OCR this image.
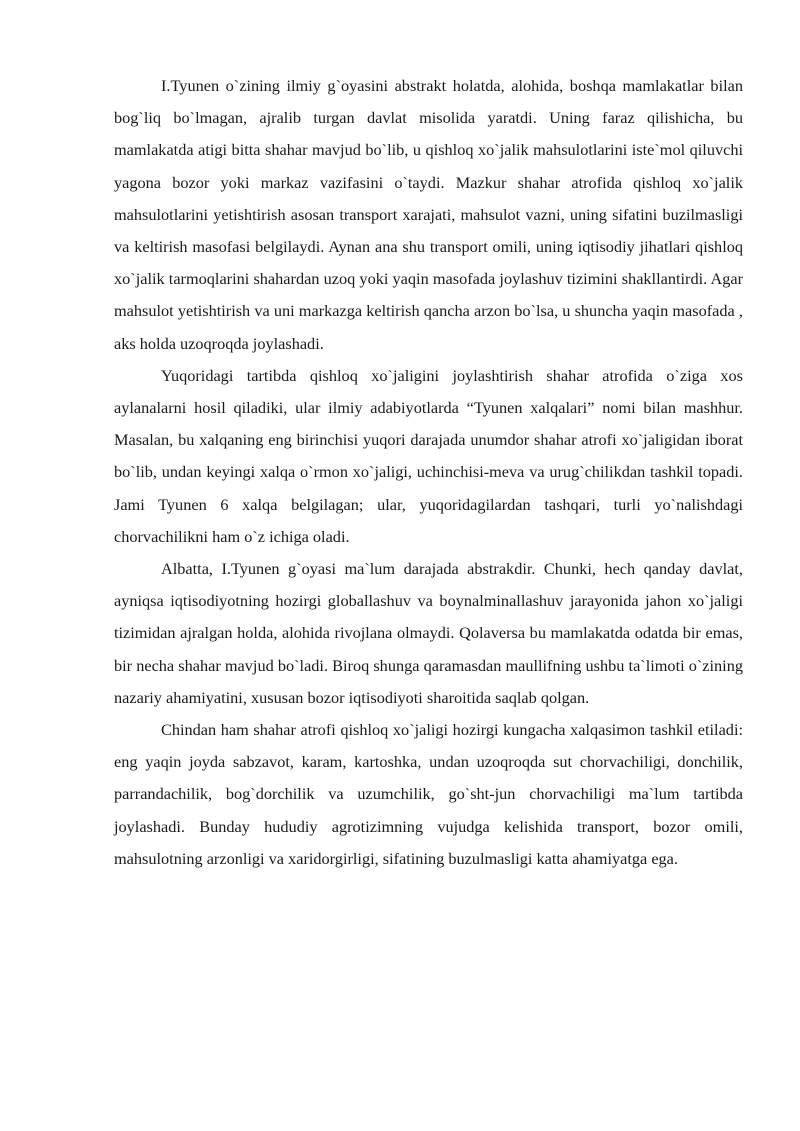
I.Tyunen o`zining ilmiy g`oyasini abstrakt holatda, alohida, boshqa mamlakatlar bilan bog`liq bo`lmagan, ajralib turgan davlat misolida yaratdi. Uning faraz qilishicha, bu mamlakatda atigi bitta shahar mavjud bo`lib, u qishloq xo`jalik mahsulotlarini iste`mol qiluvchi yagona bozor yoki markaz vazifasini o`taydi. Mazkur shahar atrofida qishloq xo`jalik mahsulotlarini yetishtirish asosan transport xarajati, mahsulot vazni, uning sifatini buzilmasligi va keltirish masofasi belgilaydi. Aynan ana shu transport omili, uning iqtisodiy jihatlari qishloq xo`jalik tarmoqlarini shahardan uzoq yoki yaqin masofada joylashuv tizimini shakllantirdi. Agar mahsulot yetishtirish va uni markazga keltirish qancha arzon bo`lsa, u shuncha yaqin masofada , aks holda uzoqroqda joylashadi.

Yuqoridagi tartibda qishloq xo`jaligini joylashtirish shahar atrofida o`ziga xos aylanalarni hosil qiladiki, ular ilmiy adabiyotlarda “Tyunen xalqalari” nomi bilan mashhur. Masalan, bu xalqaning eng birinchisi yuqori darajada unumdor shahar atrofi xo`jaligidan iborat bo`lib, undan keyingi xalqa o`rmon xo`jaligi, uchinchisi-meva va urug`chilikdan tashkil topadi. Jami Tyunen 6 xalqa belgilagan; ular, yuqoridagilardan tashqari, turli yo`nalishdagi chorvachilikni ham o`z ichiga oladi.

Albatta, I.Tyunen g`oyasi ma`lum darajada abstrakdir. Chunki, hech qanday davlat, ayniqsa iqtisodiyotning hozirgi globallashuv va boynalminallashuv jarayonida jahon xo`jaligi tizimidan ajralgan holda, alohida rivojlana olmaydi. Qolaversa bu mamlakatda odatda bir emas, bir necha shahar mavjud bo`ladi. Biroq shunga qaramasdan maullifning ushbu ta`limoti o`zining nazariy ahamiyatini, xususan bozor iqtisodiyoti sharoitida saqlab qolgan.

Chindan ham shahar atrofi qishloq xo`jaligi hozirgi kungacha xalqasimon tashkil etiladi: eng yaqin joyda sabzavot, karam, kartoshka, undan uzoqroqda sut chorvachiligi, donchilik, parrandachilik, bog`dorchilik va uzumchilik, go`sht-jun chorvachiligi ma`lum tartibda joylashadi. Bunday hududiy agrotizimning vujudga kelishida transport, bozor omili, mahsulotning arzonligi va xaridorgirligi, sifatining buzulmasligi katta ahamiyatga ega.
